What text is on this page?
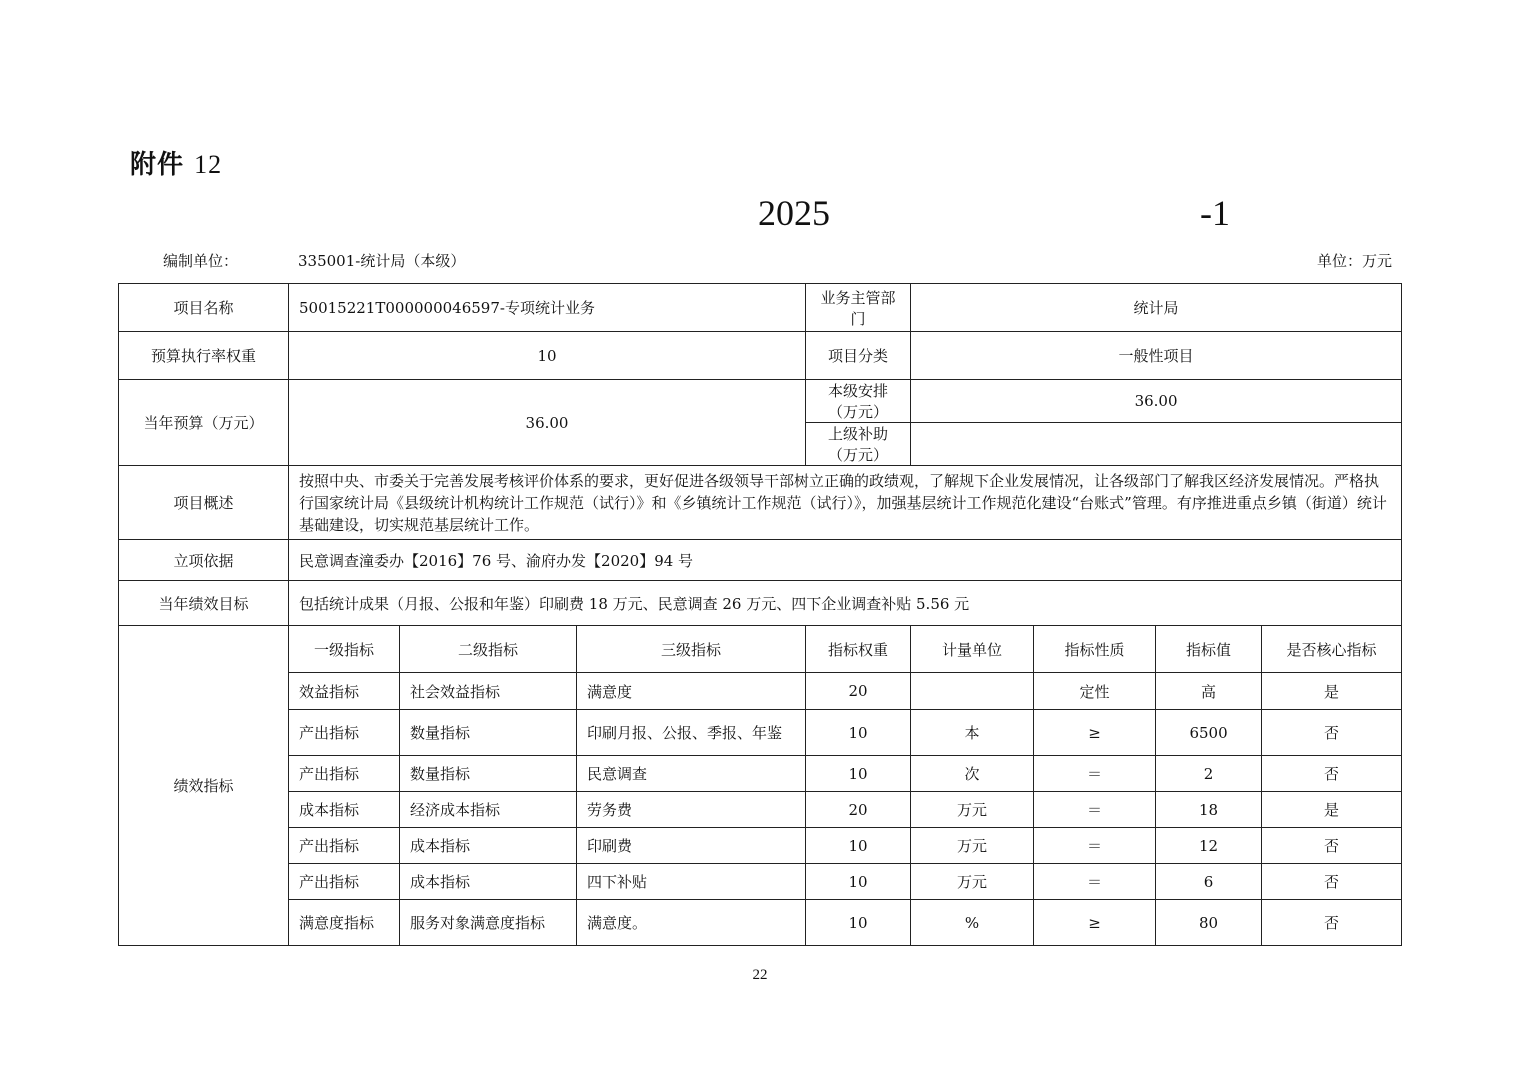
附件 12
2025	-1
编制单位：	335001-统计局（本级）	单位：万元
项目名称	50015221T000000046597-专项统计业务			业务主管部门	统计局			
预算执行率权重	10			项目分类	一般性项目			
当年预算（万元）	36.00			本级安排（万元）	36.00			
				上级补助（万元）				
项目概述	按照中央、市委关于完善发展考核评价体系的要求，更好促进各级领导干部树立正确的政绩观，了解规下企业发展情况，让各级部门了解我区经济发展情况。严格执行国家统计局《县级统计机构统计工作规范（试行）》和《乡镇统计工作规范（试行）》，加强基层统计工作规范化建设“台账式”管理。有序推进重点乡镇（街道）统计基础建设，切实规范基层统计工作。							
立项依据	民意调查潼委办【2016】76 号、渝府办发【2020】94 号							
当年绩效目标	包括统计成果（月报、公报和年鉴）印刷费 18 万元、民意调查 26 万元、四下企业调查补贴 5.56 元							
绩效指标	一级指标	二级指标	三级指标	指标权重	计量单位	指标性质	指标值	是否核心指标
	效益指标	社会效益指标	满意度	20		定性	高	是
	产出指标	数量指标	印刷月报、公报、季报、年鉴	10	本	≥	6500	否
	产出指标	数量指标	民意调查	10	次	＝	2	否
	成本指标	经济成本指标	劳务费	20	万元	＝	18	是
	产出指标	成本指标	印刷费	10	万元	＝	12	否
	产出指标	成本指标	四下补贴	10	万元	＝	6	否
	满意度指标	服务对象满意度指标	满意度。	10	%	≥	80	否
22
